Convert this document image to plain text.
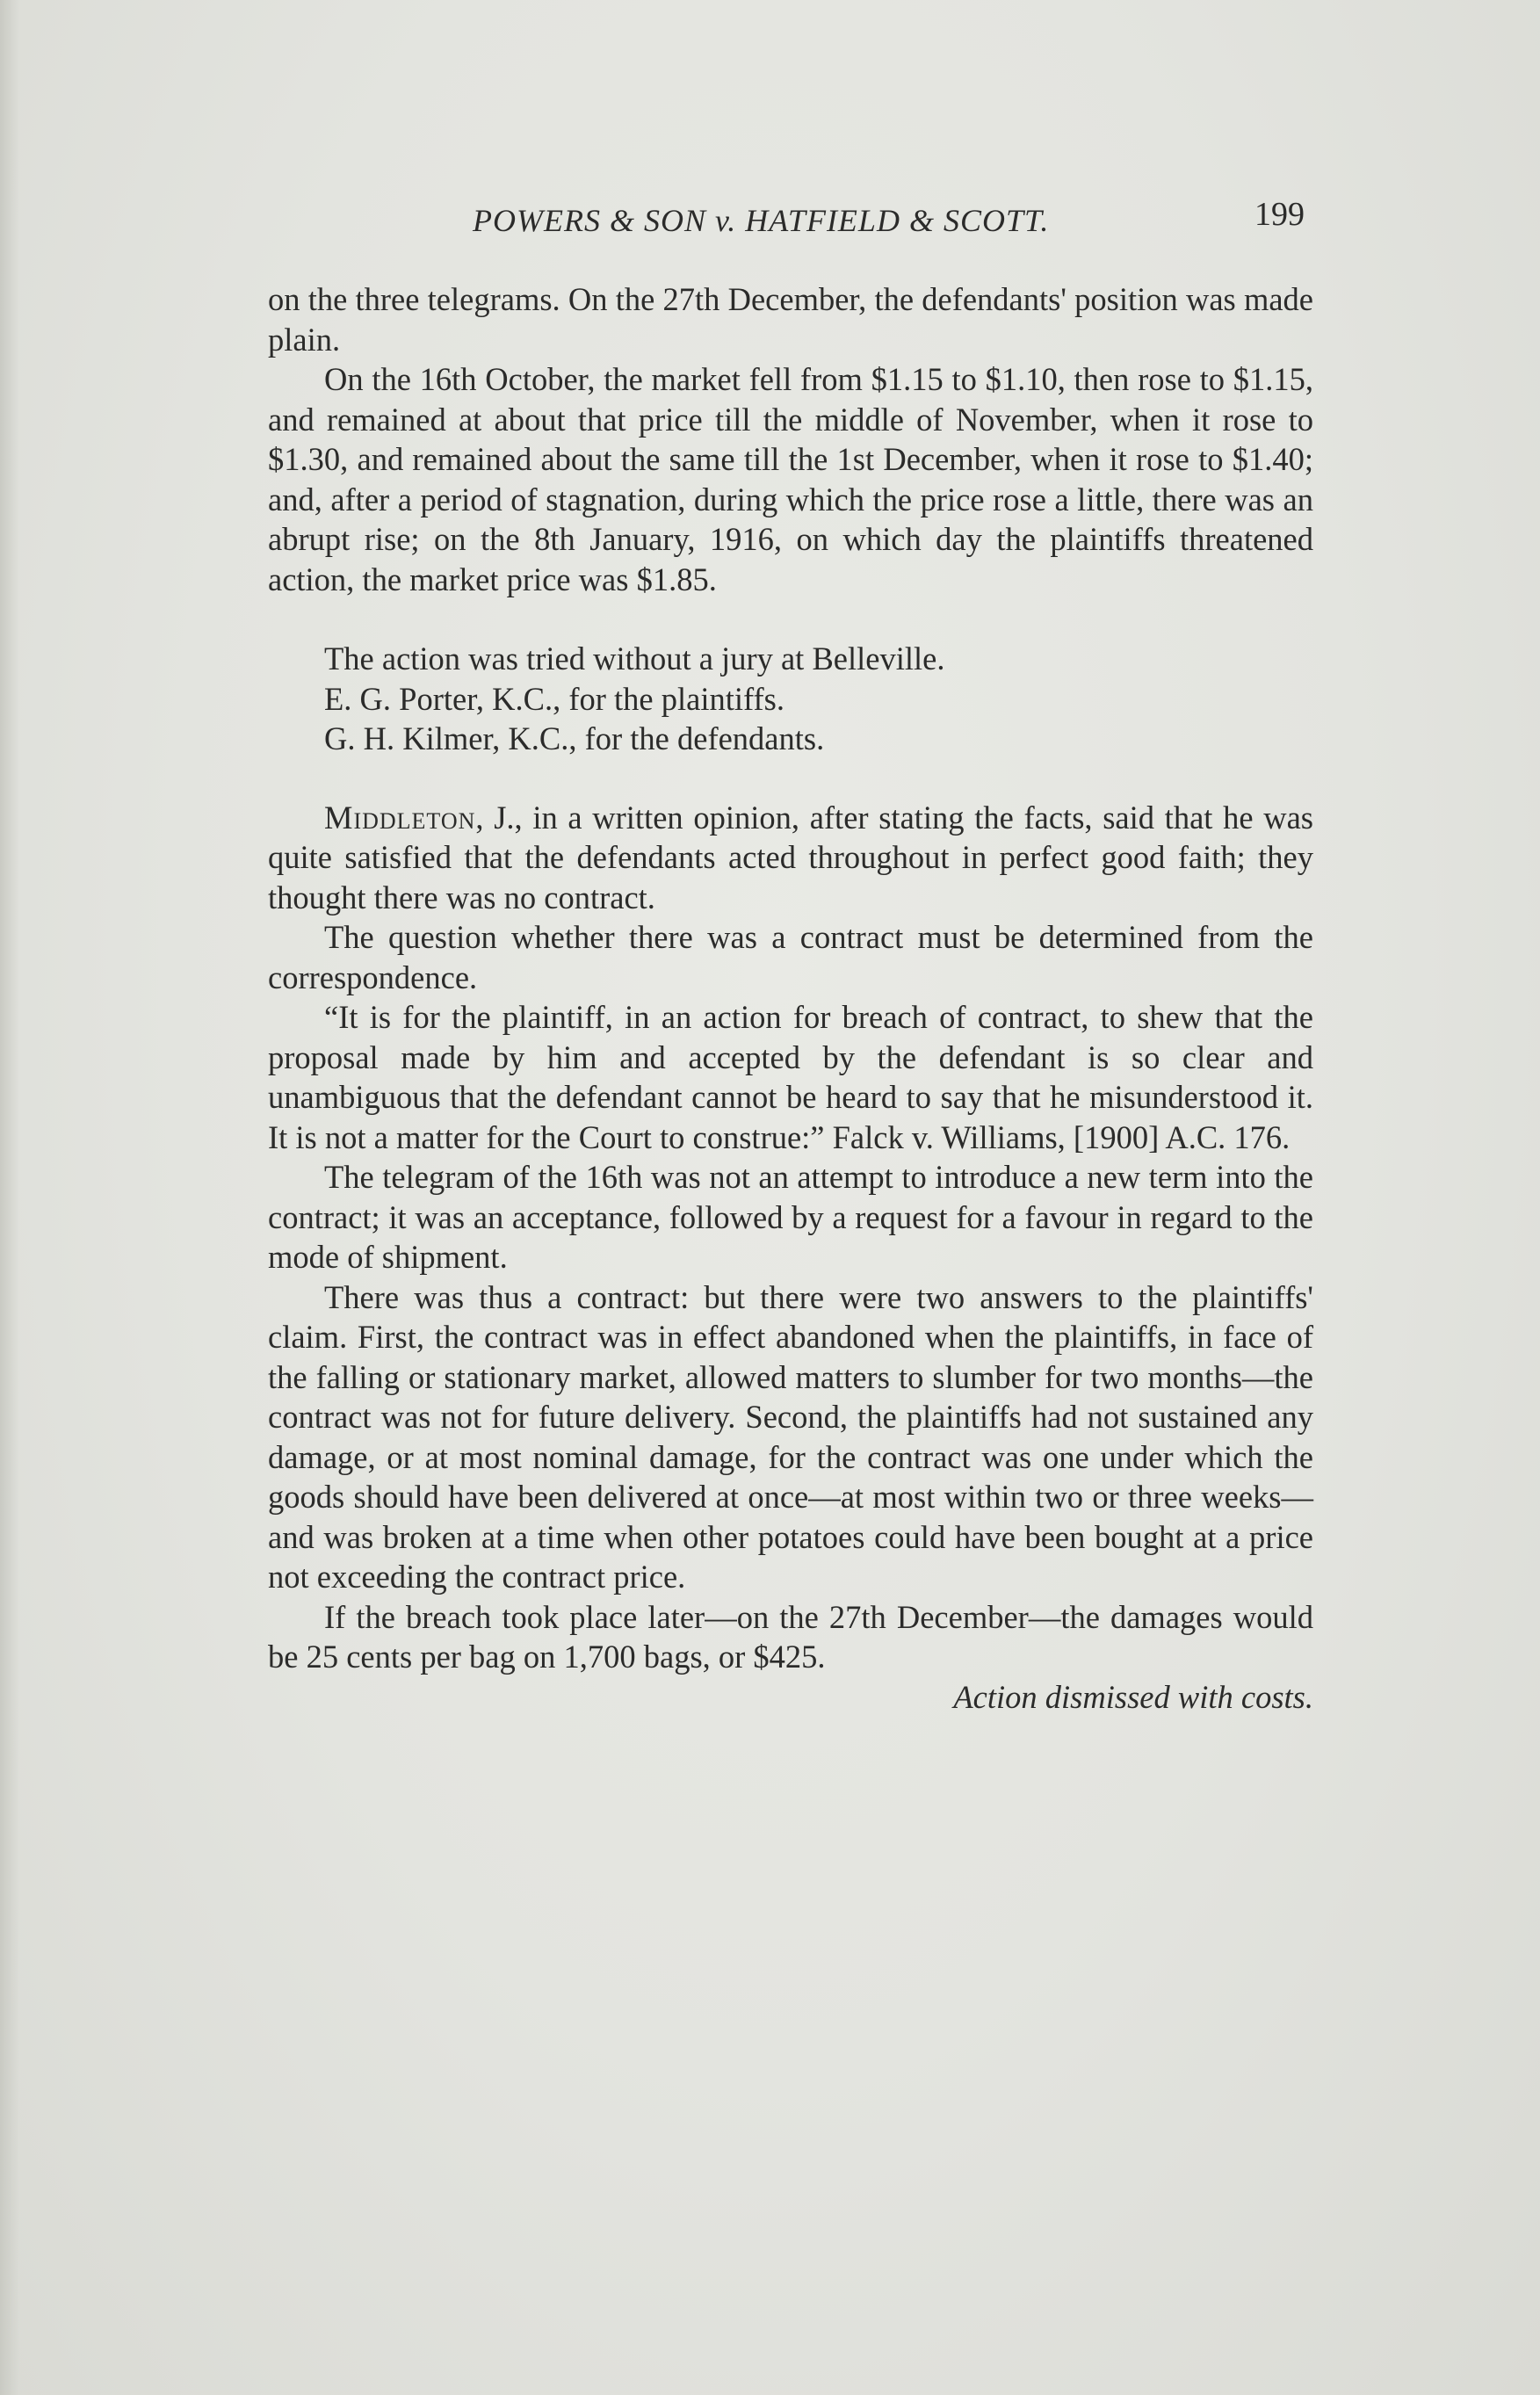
POWERS & SON v. HATFIELD & SCOTT.	199

on the three telegrams. On the 27th December, the defendants' position was made plain.

On the 16th October, the market fell from $1.15 to $1.10, then rose to $1.15, and remained at about that price till the middle of November, when it rose to $1.30, and remained about the same till the 1st December, when it rose to $1.40; and, after a period of stagnation, during which the price rose a little, there was an abrupt rise; on the 8th January, 1916, on which day the plaintiffs threatened action, the market price was $1.85.

The action was tried without a jury at Belleville.

E. G. Porter, K.C., for the plaintiffs.

G. H. Kilmer, K.C., for the defendants.

Middleton, J., in a written opinion, after stating the facts, said that he was quite satisfied that the defendants acted throughout in perfect good faith; they thought there was no contract.

The question whether there was a contract must be determined from the correspondence.

“It is for the plaintiff, in an action for breach of contract, to shew that the proposal made by him and accepted by the defendant is so clear and unambiguous that the defendant cannot be heard to say that he misunderstood it. It is not a matter for the Court to construe:” Falck v. Williams, [1900] A.C. 176.

The telegram of the 16th was not an attempt to introduce a new term into the contract; it was an acceptance, followed by a request for a favour in regard to the mode of shipment.

There was thus a contract: but there were two answers to the plaintiffs' claim. First, the contract was in effect abandoned when the plaintiffs, in face of the falling or stationary market, allowed matters to slumber for two months—the contract was not for future delivery. Second, the plaintiffs had not sustained any damage, or at most nominal damage, for the contract was one under which the goods should have been delivered at once—at most within two or three weeks—and was broken at a time when other potatoes could have been bought at a price not exceeding the contract price.

If the breach took place later—on the 27th December—the damages would be 25 cents per bag on 1,700 bags, or $425.

Action dismissed with costs.
